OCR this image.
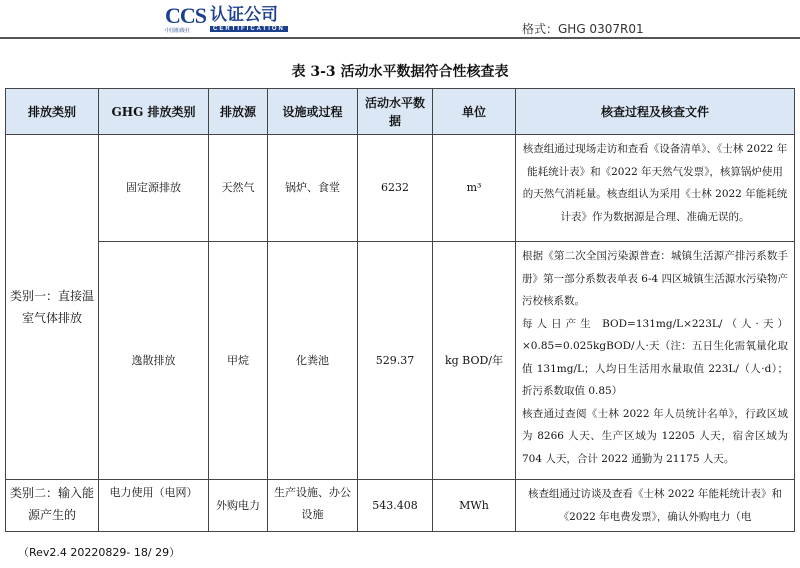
CCS 认证公司
中国船级社	CERTIFICATION	格式：GHG 0307R01
表 3-3 活动水平数据符合性核查表
排放类别	GHG 排放类别	排放源	设施或过程	活动水平数据	单位	核查过程及核查文件
类别一：直接温室气体排放	固定源排放	天然气	锅炉、食堂	6232	m³	核查组通过现场走访和查看《设备清单》、《士林 2022 年能耗统计表》和《2022 年天然气发票》，核算锅炉使用的天然气消耗量。核查组认为采用《士林 2022 年能耗统计表》作为数据源是合理、准确无误的。
	逸散排放	甲烷	化粪池	529.37	kg BOD/年	根据《第二次全国污染源普查：城镇生活源产排污系数手册》第一部分系数表单表 6-4 四区城镇生活源水污染物产污校核系数。
每人日产生 BOD=131mg/L×223L/（人·天）×0.85=0.025kgBOD/人·天（注：五日生化需氧量化取值 131mg/L；人均日生活用水量取值 223L/（人·d）；折污系数取值 0.85）
核查通过查阅《士林 2022 年人员统计名单》，行政区域为 8266 人天、生产区域为 12205 人天，宿舍区域为 704 人天，合计 2022 通勤为 21175 人天。

类别二：输入能源产生的	电力使用（电网）	外购电力	生产设施、办公设施	543.408	MWh	核查组通过访谈及查看《士林 2022 年能耗统计表》和《2022 年电费发票》，确认外购电力（电
（Rev2.4 20220829- 18/ 29）
